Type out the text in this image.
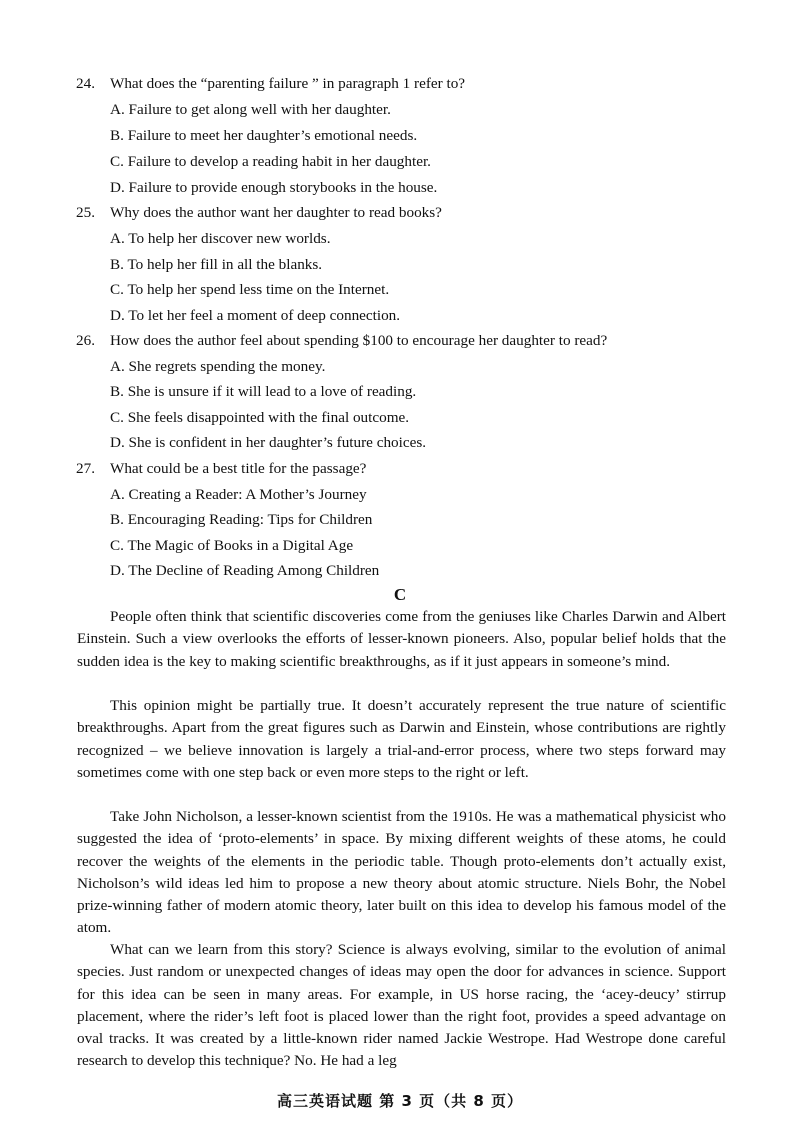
24. What does the “parenting failure ” in paragraph 1 refer to?
A. Failure to get along well with her daughter.
B. Failure to meet her daughter’s emotional needs.
C. Failure to develop a reading habit in her daughter.
D. Failure to provide enough storybooks in the house.
25. Why does the author want her daughter to read books?
A. To help her discover new worlds.
B. To help her fill in all the blanks.
C. To help her spend less time on the Internet.
D. To let her feel a moment of deep connection.
26. How does the author feel about spending $100 to encourage her daughter to read?
A. She regrets spending the money.
B. She is unsure if it will lead to a love of reading.
C. She feels disappointed with the final outcome.
D. She is confident in her daughter’s future choices.
27. What could be a best title for the passage?
A. Creating a Reader: A Mother’s Journey
B. Encouraging Reading: Tips for Children
C. The Magic of Books in a Digital Age
D. The Decline of Reading Among Children
C

People often think that scientific discoveries come from the geniuses like Charles Darwin and Albert Einstein. Such a view overlooks the efforts of lesser-known pioneers. Also, popular belief holds that the sudden idea is the key to making scientific breakthroughs, as if it just appears in someone’s mind.

This opinion might be partially true. It doesn’t accurately represent the true nature of scientific breakthroughs. Apart from the great figures such as Darwin and Einstein, whose contributions are rightly recognized – we believe innovation is largely a trial-and-error process, where two steps forward may sometimes come with one step back or even more steps to the right or left.

Take John Nicholson, a lesser-known scientist from the 1910s. He was a mathematical physicist who suggested the idea of ‘proto-elements’ in space. By mixing different weights of these atoms, he could recover the weights of the elements in the periodic table. Though proto-elements don’t actually exist, Nicholson’s wild ideas led him to propose a new theory about atomic structure. Niels Bohr, the Nobel prize-winning father of modern atomic theory, later built on this idea to develop his famous model of the atom.

What can we learn from this story? Science is always evolving, similar to the evolution of animal species. Just random or unexpected changes of ideas may open the door for advances in science. Support for this idea can be seen in many areas. For example, in US horse racing, the ‘acey-deucy’ stirrup placement, where the rider’s left foot is placed lower than the right foot, provides a speed advantage on oval tracks. It was created by a little-known rider named Jackie Westrope. Had Westrope done careful research to develop this technique? No. He had a leg

高三英语试题 第 3 页（共 8 页）
